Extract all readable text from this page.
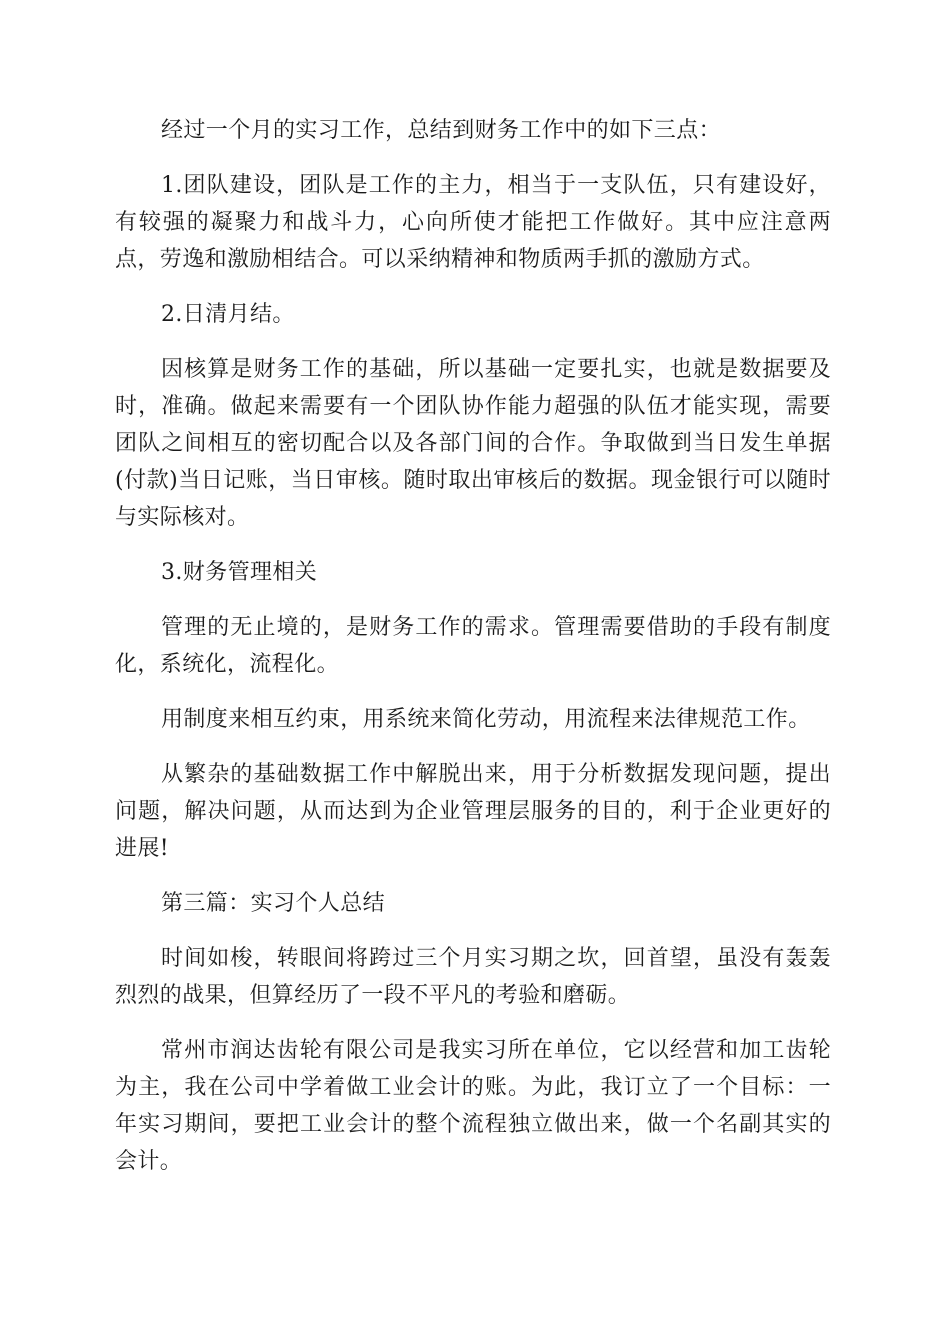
经过一个月的实习工作，总结到财务工作中的如下三点：

1.团队建设，团队是工作的主力，相当于一支队伍，只有建设好，有较强的凝聚力和战斗力，心向所使才能把工作做好。其中应注意两点，劳逸和激励相结合。可以采纳精神和物质两手抓的激励方式。

2.日清月结。

因核算是财务工作的基础，所以基础一定要扎实，也就是数据要及时，准确。做起来需要有一个团队协作能力超强的队伍才能实现，需要团队之间相互的密切配合以及各部门间的合作。争取做到当日发生单据(付款)当日记账，当日审核。随时取出审核后的数据。现金银行可以随时与实际核对。

3.财务管理相关

管理的无止境的，是财务工作的需求。管理需要借助的手段有制度化，系统化，流程化。

用制度来相互约束，用系统来简化劳动，用流程来法律规范工作。

从繁杂的基础数据工作中解脱出来，用于分析数据发现问题，提出问题，解决问题，从而达到为企业管理层服务的目的，利于企业更好的进展!

第三篇：实习个人总结

时间如梭，转眼间将跨过三个月实习期之坎，回首望，虽没有轰轰烈烈的战果，但算经历了一段不平凡的考验和磨砺。

常州市润达齿轮有限公司是我实习所在单位，它以经营和加工齿轮为主，我在公司中学着做工业会计的账。为此，我订立了一个目标：一年实习期间，要把工业会计的整个流程独立做出来，做一个名副其实的会计。
